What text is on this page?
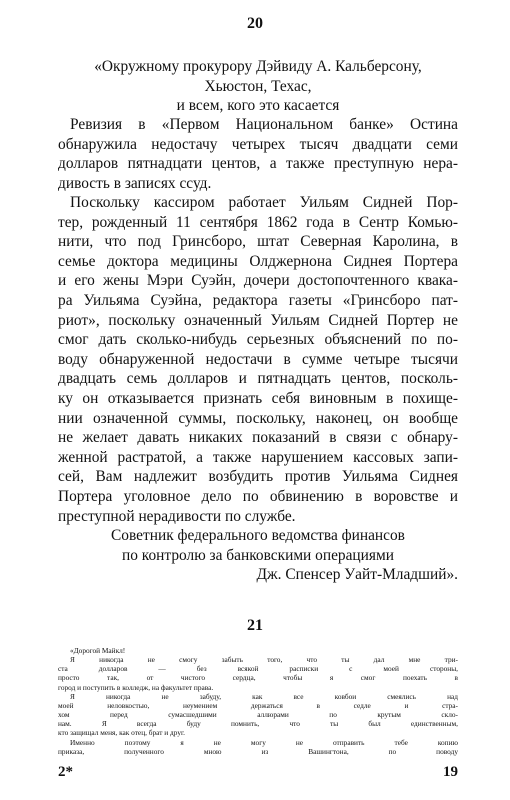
20
«Окружному прокурору Дэйвиду А. Кальберсону,
Хьюстон, Техас,
и всем, кого это касается
Ревизия в «Первом Национальном банке» Остина
обнаружила недостачу четырех тысяч двадцати семи
долларов пятнадцати центов, а также преступную нера-
дивость в записях ссуд.
Поскольку кассиром работает Уильям Сидней Пор-
тер, рожденный 11 сентября 1862 года в Сентр Комью-
нити, что под Гринсборо, штат Северная Каролина, в
семье доктора медицины Олджернона Сиднея Портера
и его жены Мэри Суэйн, дочери достопочтенного квака-
ра Уильяма Суэйна, редактора газеты «Гринсборо пат-
риот», поскольку означенный Уильям Сидней Портер не
смог дать сколько-нибудь серьезных объяснений по по-
воду обнаруженной недостачи в сумме четыре тысячи
двадцать семь долларов и пятнадцать центов, посколь-
ку он отказывается признать себя виновным в похище-
нии означенной суммы, поскольку, наконец, он вообще
не желает давать никаких показаний в связи с обнару-
женной растратой, а также нарушением кассовых запи-
сей, Вам надлежит возбудить против Уильяма Сиднея
Портера уголовное дело по обвинению в воровстве и
преступной нерадивости по службе.
Советник федерального ведомства финансов
по контролю за банковскими операциями
Дж. Спенсер Уайт-Младший».
21
«Дорогой Майкл!
Я никогда не смогу забыть того, что ты дал мне три-
ста долларов — без всякой расписки с моей стороны,
просто так, от чистого сердца, чтобы я смог поехать в
город и поступить в колледж, на факультет права.
2*	19
Я никогда не забуду, как все ковбои смеялись над
моей неловкостью, неумением держаться в седле и стра-
хом перед сумасшедшими аллюрами по крутым скло-
нам. Я всегда буду помнить, что ты был единственным,
кто защищал меня, как отец, брат и друг.
Именно поэтому я не могу не отправить тебе копию
приказа, полученного мною из Вашингтона, по поводу
